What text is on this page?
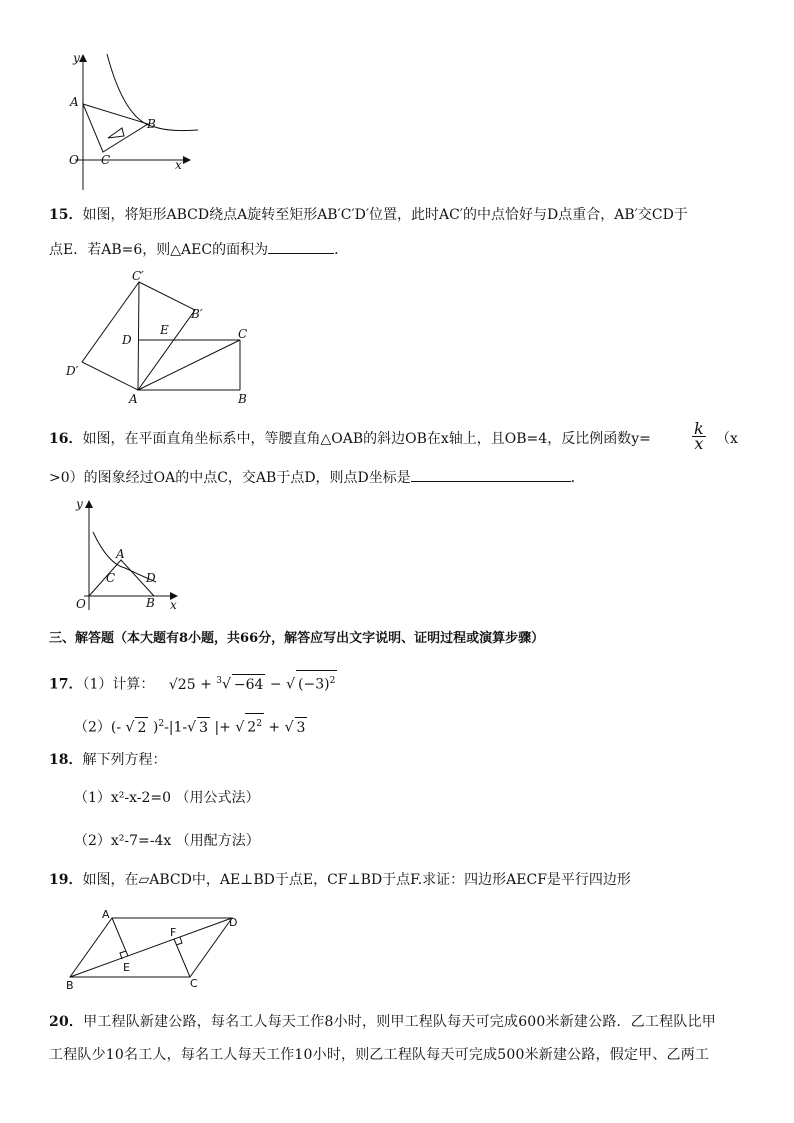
y
x
O
A
B
C
15．如图，将矩形ABCD绕点A旋转至矩形AB′C′D′位置，此时AC′的中点恰好与D点重合，AB′交CD于
点E．若AB=6，则△AEC的面积为	．
C′
B′
E
D	C
D′
A	B
16．如图，在平面直角坐标系中，等腰直角△OAB的斜边OB在x轴上，且OB=4，反比例函数y=	$\frac{k}{x} (x$
>0）的图象经过OA的中点C，交AB于点D，则点D坐标是	．
y
x
O
A
C	D
B
三、解答题（本大题有8小题，共66分，解答应写出文字说明、证明过程或演算步骤）
17．（1）计算： √25 + $^3$√ −64 − √ $(-3)^2$
（2）(- √ 2 )$^2$-|1-√ 3 |+ √ $2^2$ + √ 3
18．解下列方程：
（1）x²-x-2=0 （用公式法）
（2）x²-7=-4x （用配方法）
19．如图，在▱ABCD中，AE⊥BD于点E，CF⊥BD于点F.求证：四边形AECF是平行四边形
A
D
F
E
B	C
20．甲工程队新建公路，每名工人每天工作8小时，则甲工程队每天可完成600米新建公路．乙工程队比甲
工程队少10名工人，每名工人每天工作10小时，则乙工程队每天可完成500米新建公路，假定甲、乙两工
